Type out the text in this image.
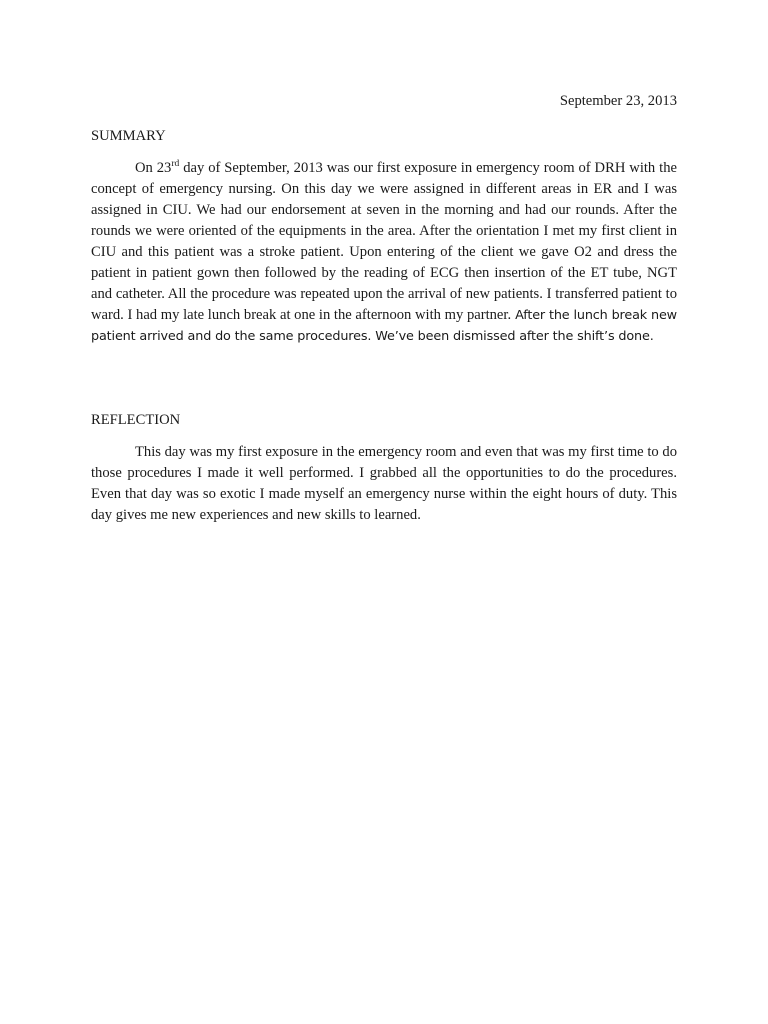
September 23, 2013
SUMMARY

On 23rd day of September, 2013 was our first exposure in emergency room of DRH with the concept of emergency nursing. On this day we were assigned in different areas in ER and I was assigned in CIU. We had our endorsement at seven in the morning and had our rounds. After the rounds we were oriented of the equipments in the area. After the orientation I met my first client in CIU and this patient was a stroke patient. Upon entering of the client we gave O2 and dress the patient in patient gown then followed by the reading of ECG then insertion of the ET tube, NGT and catheter. All the procedure was repeated upon the arrival of new patients. I transferred patient to ward. I had my late lunch break at one in the afternoon with my partner. After the lunch break new patient arrived and do the same procedures. We’ve been dismissed after the shift’s done.

REFLECTION

This day was my first exposure in the emergency room and even that was my first time to do those procedures I made it well performed. I grabbed all the opportunities to do the procedures. Even that day was so exotic I made myself an emergency nurse within the eight hours of duty. This day gives me new experiences and new skills to learned.
